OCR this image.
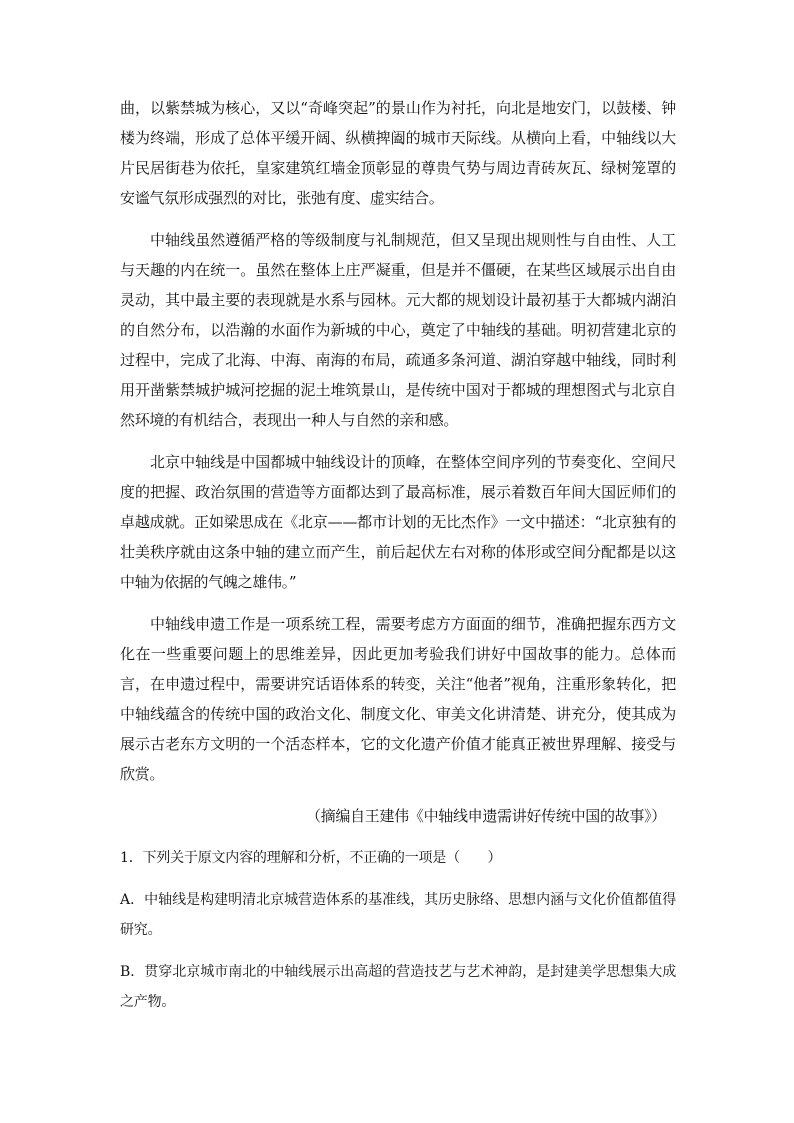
曲，以紫禁城为核心，又以“奇峰突起”的景山作为衬托，向北是地安门，以鼓楼、钟楼为终端，形成了总体平缓开阔、纵横捭阖的城市天际线。从横向上看，中轴线以大片民居街巷为依托，皇家建筑红墙金顶彰显的尊贵气势与周边青砖灰瓦、绿树笼罩的安谧气氛形成强烈的对比，张弛有度、虚实结合。

中轴线虽然遵循严格的等级制度与礼制规范，但又呈现出规则性与自由性、人工与天趣的内在统一。虽然在整体上庄严凝重，但是并不僵硬，在某些区域展示出自由灵动，其中最主要的表现就是水系与园林。元大都的规划设计最初基于大都城内湖泊的自然分布，以浩瀚的水面作为新城的中心，奠定了中轴线的基础。明初营建北京的过程中，完成了北海、中海、南海的布局，疏通多条河道、湖泊穿越中轴线，同时利用开凿紫禁城护城河挖掘的泥土堆筑景山，是传统中国对于都城的理想图式与北京自然环境的有机结合，表现出一种人与自然的亲和感。

北京中轴线是中国都城中轴线设计的顶峰，在整体空间序列的节奏变化、空间尺度的把握、政治氛围的营造等方面都达到了最高标准，展示着数百年间大国匠师们的卓越成就。正如梁思成在《北京——都市计划的无比杰作》一文中描述：“北京独有的壮美秩序就由这条中轴的建立而产生，前后起伏左右对称的体形或空间分配都是以这中轴为依据的气魄之雄伟。”

中轴线申遗工作是一项系统工程，需要考虑方方面面的细节，准确把握东西方文化在一些重要问题上的思维差异，因此更加考验我们讲好中国故事的能力。总体而言，在申遗过程中，需要讲究话语体系的转变，关注“他者”视角，注重形象转化，把中轴线蕴含的传统中国的政治文化、制度文化、审美文化讲清楚、讲充分，使其成为展示古老东方文明的一个活态样本，它的文化遗产价值才能真正被世界理解、接受与欣赏。

（摘编自王建伟《中轴线申遗需讲好传统中国的故事》）

1．下列关于原文内容的理解和分析，不正确的一项是（　　）

A．中轴线是构建明清北京城营造体系的基准线，其历史脉络、思想内涵与文化价值都值得研究。

B．贯穿北京城市南北的中轴线展示出高超的营造技艺与艺术神韵，是封建美学思想集大成之产物。
